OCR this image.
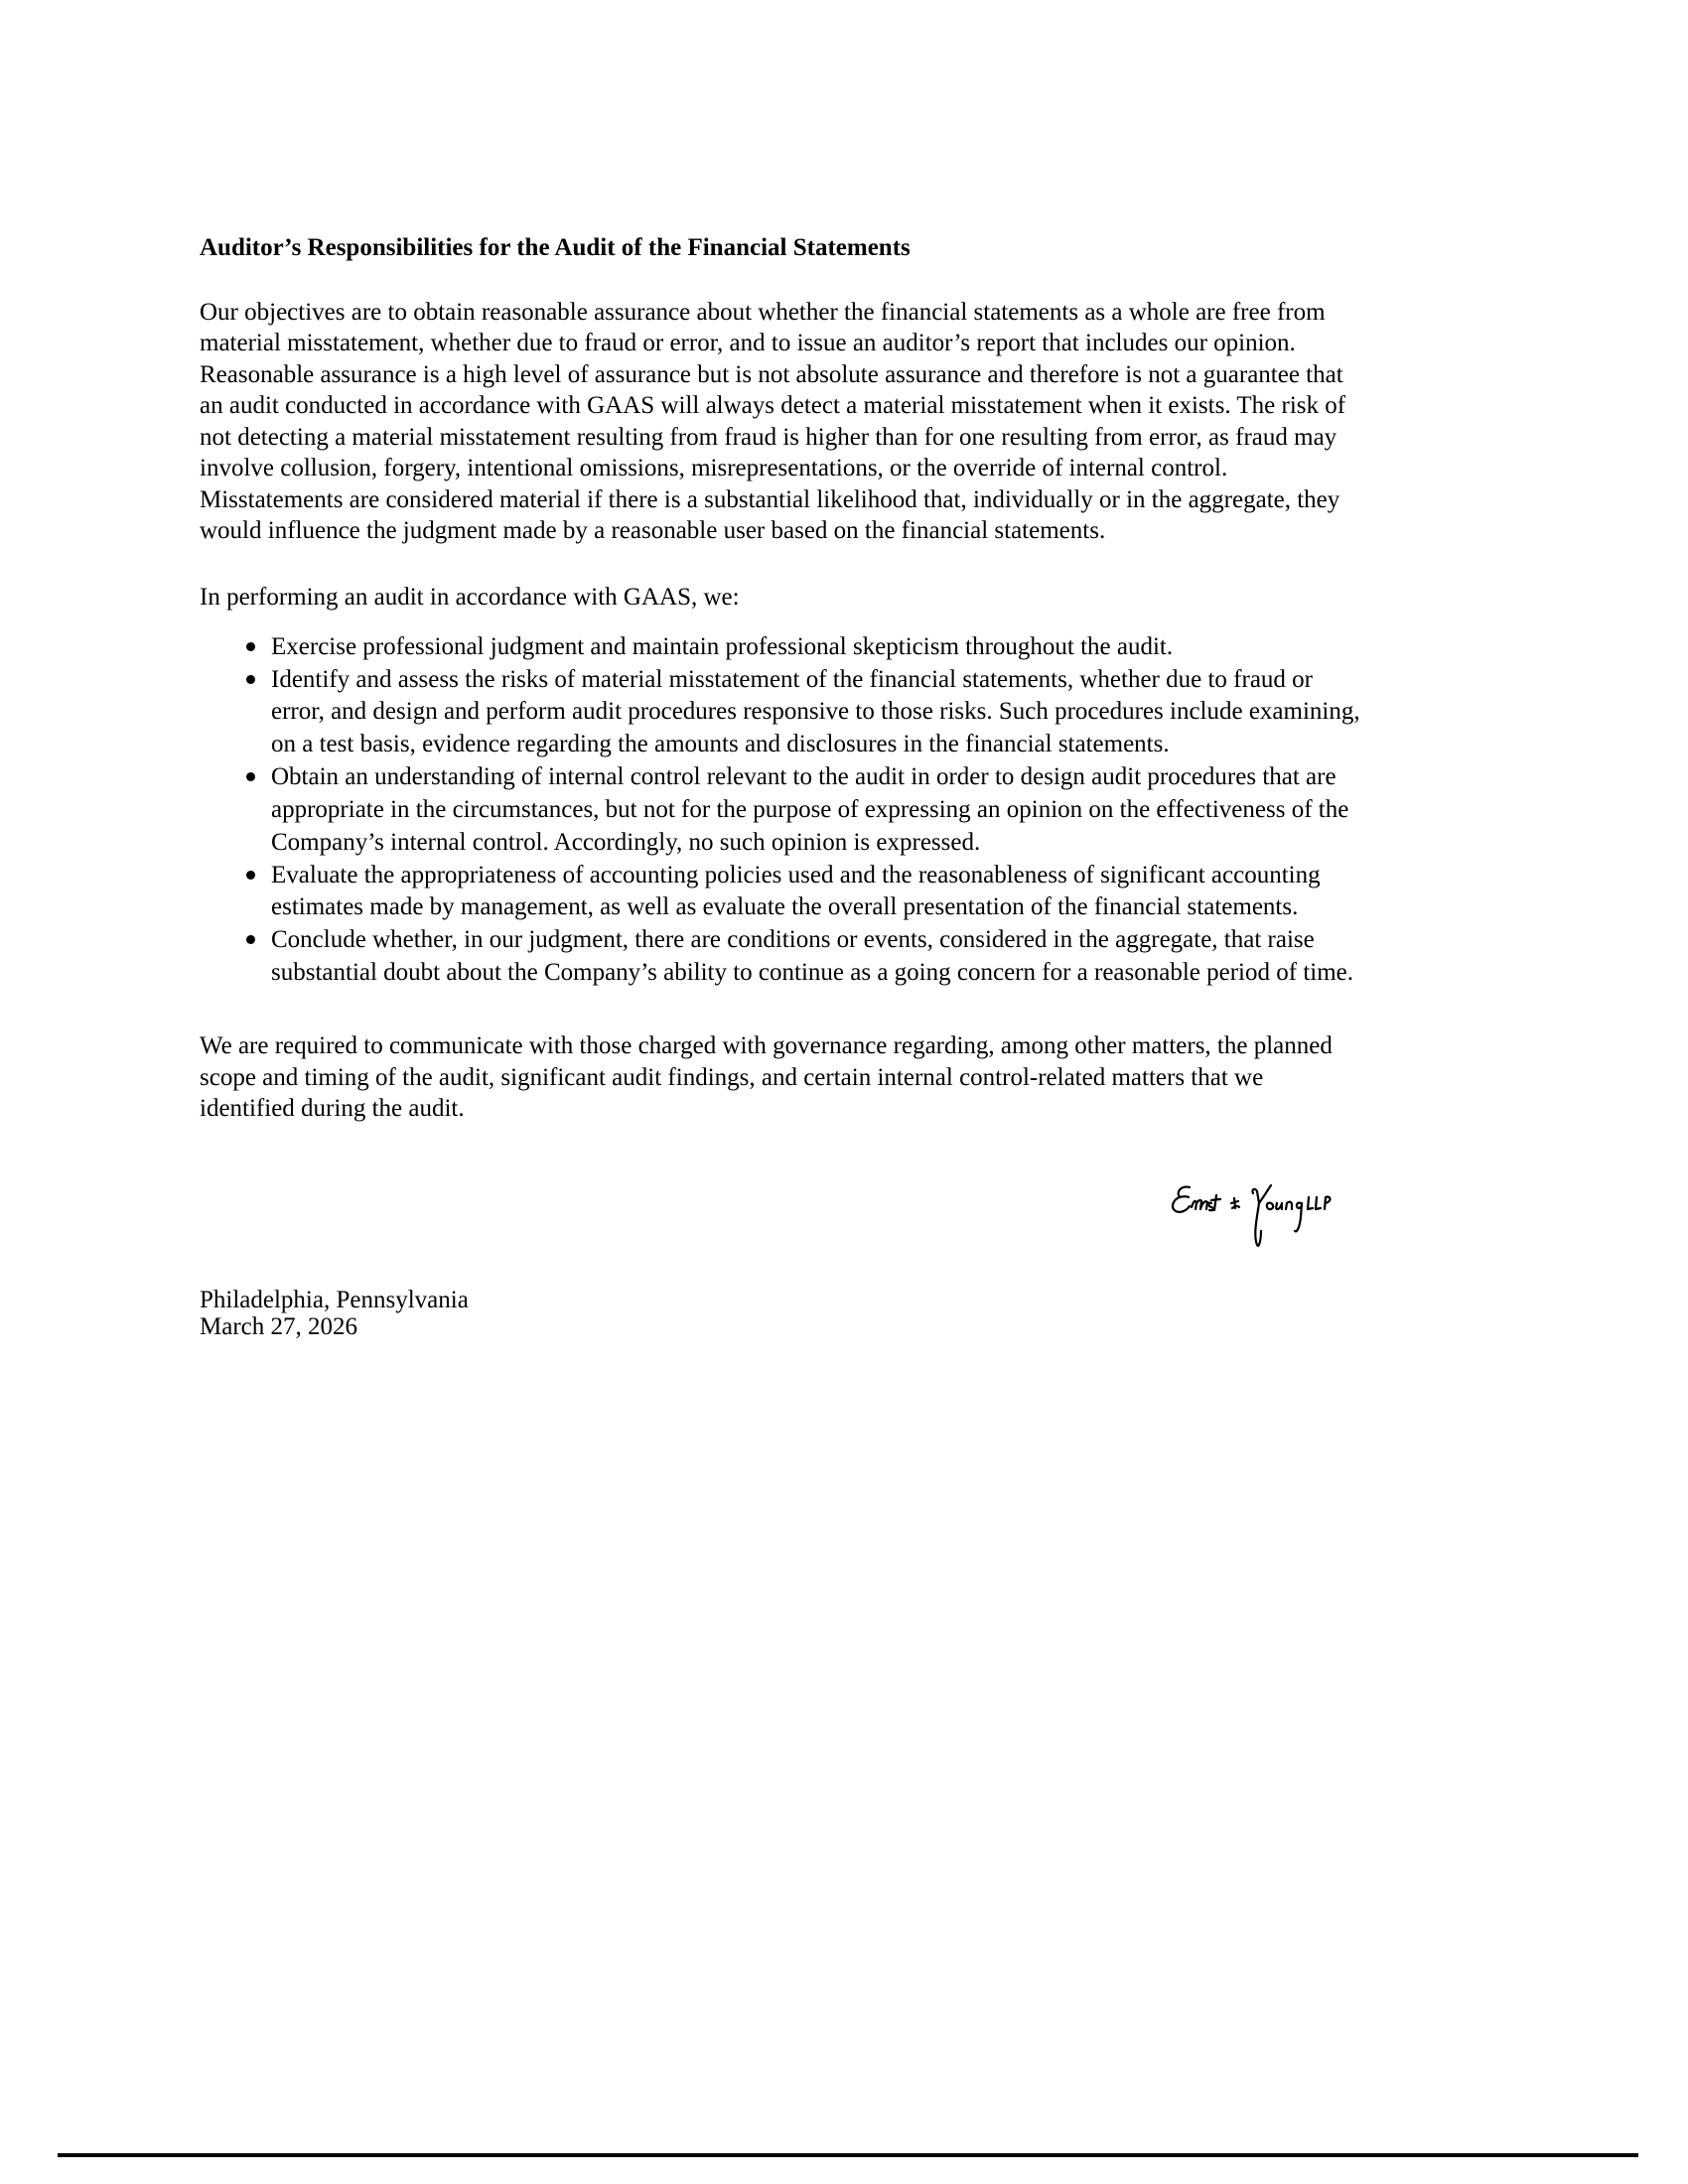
Auditor’s Responsibilities for the Audit of the Financial Statements
Our objectives are to obtain reasonable assurance about whether the financial statements as a whole are free from
material misstatement, whether due to fraud or error, and to issue an auditor’s report that includes our opinion.
Reasonable assurance is a high level of assurance but is not absolute assurance and therefore is not a guarantee that
an audit conducted in accordance with GAAS will always detect a material misstatement when it exists. The risk of
not detecting a material misstatement resulting from fraud is higher than for one resulting from error, as fraud may
involve collusion, forgery, intentional omissions, misrepresentations, or the override of internal control.
Misstatements are considered material if there is a substantial likelihood that, individually or in the aggregate, they
would influence the judgment made by a reasonable user based on the financial statements.
In performing an audit in accordance with GAAS, we:
Exercise professional judgment and maintain professional skepticism throughout the audit.
Identify and assess the risks of material misstatement of the financial statements, whether due to fraud or
error, and design and perform audit procedures responsive to those risks. Such procedures include examining,
on a test basis, evidence regarding the amounts and disclosures in the financial statements.
Obtain an understanding of internal control relevant to the audit in order to design audit procedures that are
appropriate in the circumstances, but not for the purpose of expressing an opinion on the effectiveness of the
Company’s internal control. Accordingly, no such opinion is expressed.
Evaluate the appropriateness of accounting policies used and the reasonableness of significant accounting
estimates made by management, as well as evaluate the overall presentation of the financial statements.
Conclude whether, in our judgment, there are conditions or events, considered in the aggregate, that raise
substantial doubt about the Company’s ability to continue as a going concern for a reasonable period of time.
We are required to communicate with those charged with governance regarding, among other matters, the planned
scope and timing of the audit, significant audit findings, and certain internal control-related matters that we
identified during the audit.
Philadelphia, Pennsylvania
March 27, 2026
